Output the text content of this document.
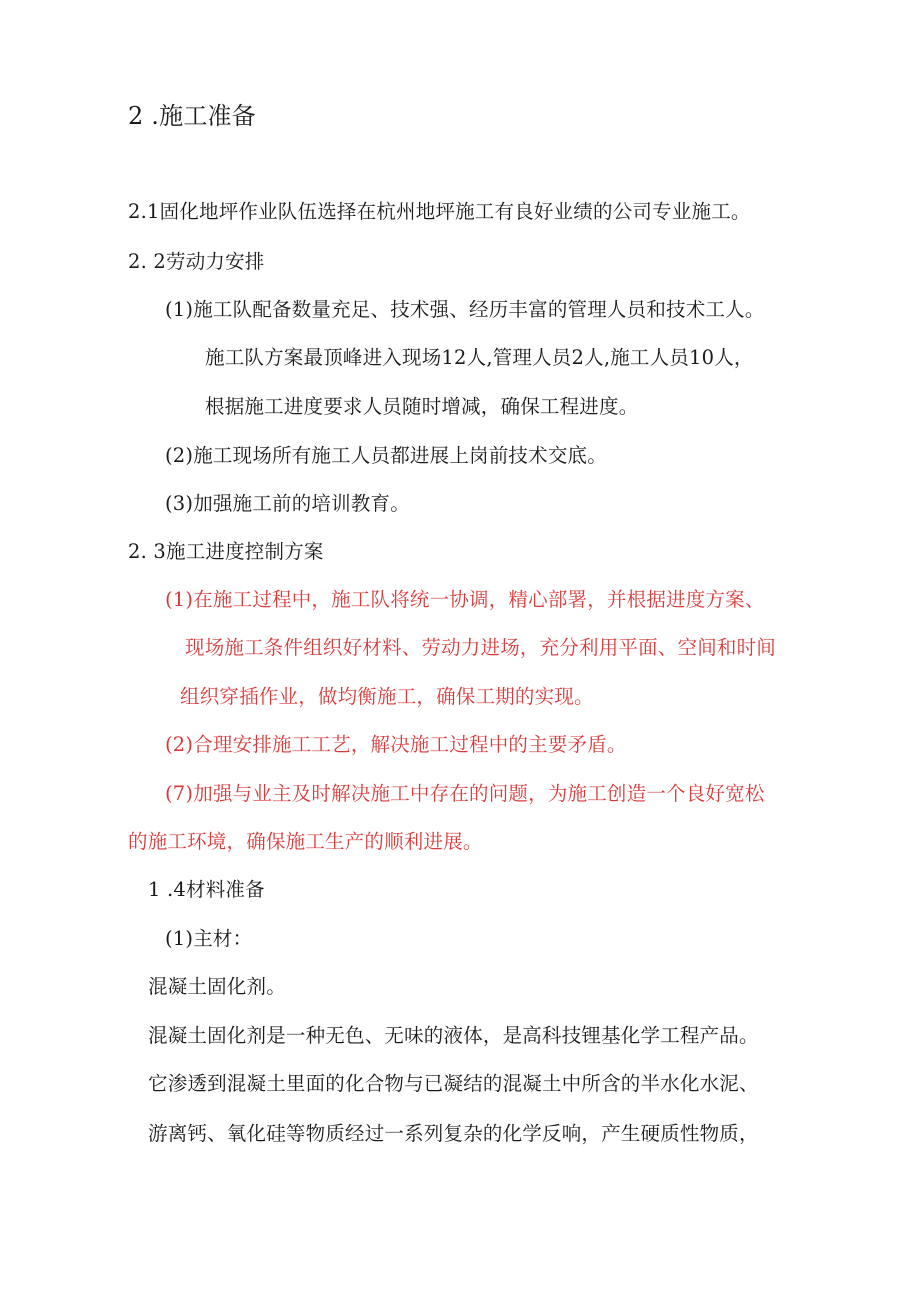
2 .施工准备
2.1固化地坪作业队伍选择在杭州地坪施工有良好业绩的公司专业施工。
2. 2劳动力安排
(1)施工队配备数量充足、技术强、经历丰富的管理人员和技术工人。
施工队方案最顶峰进入现场12人,管理人员2人,施工人员10人，
根据施工进度要求人员随时增减，确保工程进度。
(2)施工现场所有施工人员都进展上岗前技术交底。
(3)加强施工前的培训教育。
2. 3施工进度控制方案
(1)在施工过程中，施工队将统一协调，精心部署，并根据进度方案、
现场施工条件组织好材料、劳动力进场，充分利用平面、空间和时间
组织穿插作业，做均衡施工，确保工期的实现。
(2)合理安排施工工艺，解决施工过程中的主要矛盾。
(7)加强与业主及时解决施工中存在的问题，为施工创造一个良好宽松
的施工环境，确保施工生产的顺利进展。
1 .4材料准备
(1)主材：
混凝土固化剂。
混凝土固化剂是一种无色、无味的液体，是高科技锂基化学工程产品。
它渗透到混凝土里面的化合物与已凝结的混凝土中所含的半水化水泥、
游离钙、氧化硅等物质经过一系列复杂的化学反响，产生硬质性物质，
